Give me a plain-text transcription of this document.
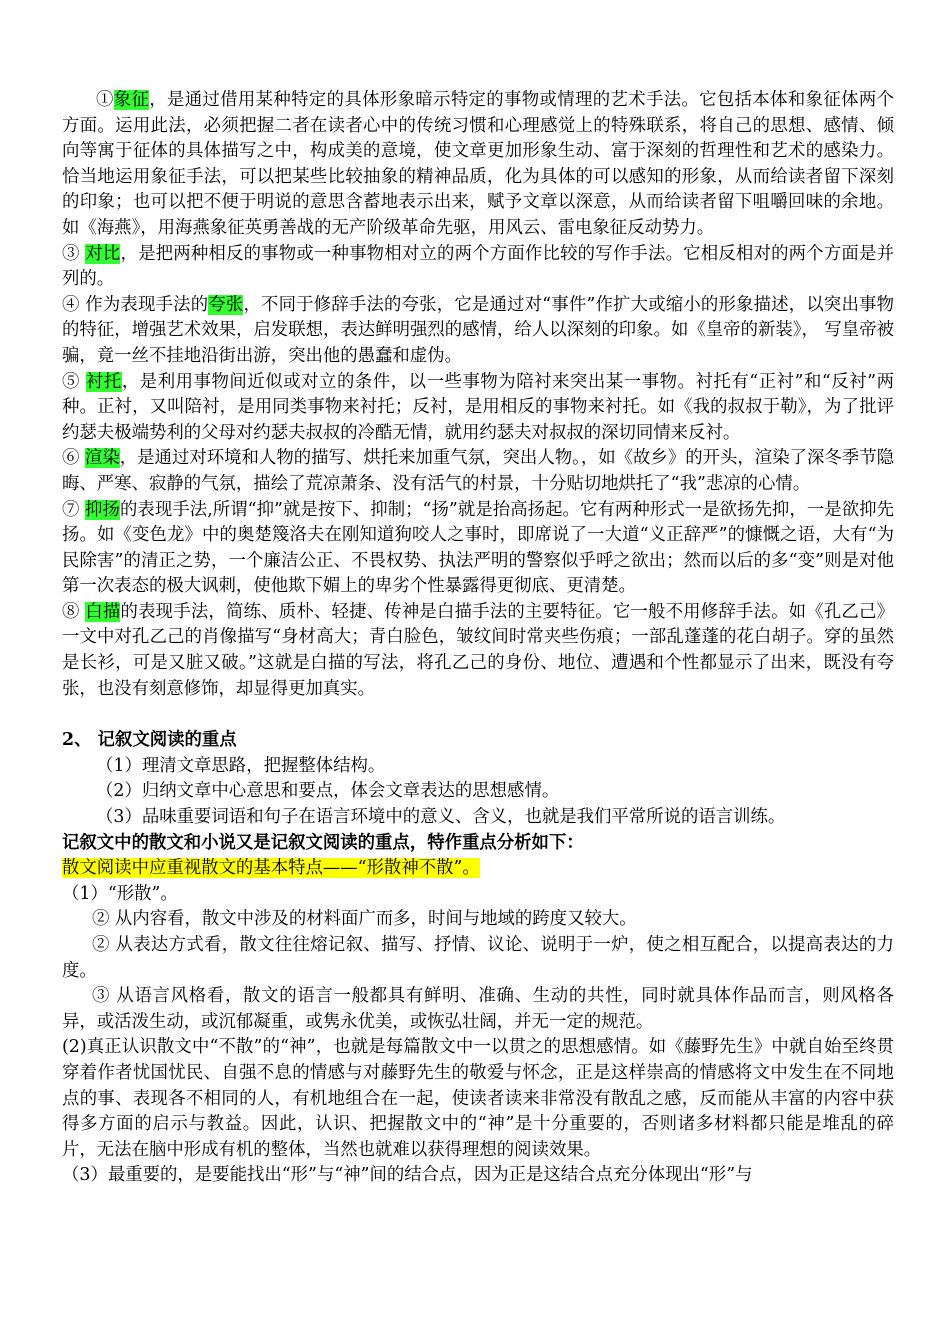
①象征，是通过借用某种特定的具体形象暗示特定的事物或情理的艺术手法。它包括本体和象征体两个方面。运用此法，必须把握二者在读者心中的传统习惯和心理感觉上的特殊联系，将自己的思想、感情、倾向等寓于征体的具体描写之中，构成美的意境，使文章更加形象生动、富于深刻的哲理性和艺术的感染力。恰当地运用象征手法，可以把某些比较抽象的精神品质，化为具体的可以感知的形象，从而给读者留下深刻的印象；也可以把不便于明说的意思含蓄地表示出来，赋予文章以深意，从而给读者留下咀嚼回味的余地。如《海燕》，用海燕象征英勇善战的无产阶级革命先驱，用风云、雷电象征反动势力。

③ 对比，是把两种相反的事物或一种事物相对立的两个方面作比较的写作手法。它相反相对的两个方面是并列的。

④ 作为表现手法的夸张，不同于修辞手法的夸张，它是通过对“事件”作扩大或缩小的形象描述，以突出事物的特征，增强艺术效果，启发联想，表达鲜明强烈的感情，给人以深刻的印象。如《皇帝的新装》， 写皇帝被骗，竟一丝不挂地沿街出游，突出他的愚蠢和虚伪。

⑤ 衬托，是利用事物间近似或对立的条件，以一些事物为陪衬来突出某一事物。衬托有“正衬”和“反衬”两种。正衬，又叫陪衬，是用同类事物来衬托；反衬，是用相反的事物来衬托。如《我的叔叔于勒》，为了批评约瑟夫极端势利的父母对约瑟夫叔叔的冷酷无情，就用约瑟夫对叔叔的深切同情来反衬。

⑥ 渲染，是通过对环境和人物的描写、烘托来加重气氛，突出人物。，如《故乡》的开头，渲染了深冬季节隐晦、严寒、寂静的气氛，描绘了荒凉萧条、没有活气的村景，十分贴切地烘托了“我”悲凉的心情。

⑦ 抑扬的表现手法,所谓“抑”就是按下、抑制；“扬”就是抬高扬起。它有两种形式一是欲扬先抑，一是欲抑先扬。如《变色龙》中的奥楚篾洛夫在刚知道狗咬人之事时，即席说了一大道“义正辞严”的慷慨之语，大有“为民除害”的清正之势，一个廉洁公正、不畏权势、执法严明的警察似乎呼之欲出；然而以后的多“变”则是对他第一次表态的极大讽刺，使他欺下媚上的卑劣个性暴露得更彻底、更清楚。

⑧ 白描的表现手法，简练、质朴、轻捷、传神是白描手法的主要特征。它一般不用修辞手法。如《孔乙己》一文中对孔乙己的肖像描写“身材高大；青白脸色，皱纹间时常夹些伤痕；一部乱蓬蓬的花白胡子。穿的虽然是长衫，可是又脏又破。”这就是白描的写法，将孔乙己的身份、地位、遭遇和个性都显示了出来，既没有夸张，也没有刻意修饰，却显得更加真实。

2、 记叙文阅读的重点

（1）理清文章思路，把握整体结构。

（2）归纳文章中心意思和要点，体会文章表达的思想感情。

（3）品味重要词语和句子在语言环境中的意义、含义，也就是我们平常所说的语言训练。

记叙文中的散文和小说又是记叙文阅读的重点，特作重点分析如下：

散文阅读中应重视散文的基本特点——“形散神不散”。

（1）“形散”。

② 从内容看，散文中涉及的材料面广而多，时间与地域的跨度又较大。

② 从表达方式看，散文往往熔记叙、描写、抒情、议论、说明于一炉，使之相互配合，以提高表达的力度。

③ 从语言风格看，散文的语言一般都具有鲜明、准确、生动的共性，同时就具体作品而言，则风格各异，或活泼生动，或沉郁凝重，或隽永优美，或恢弘壮阔，并无一定的规范。

(2)真正认识散文中“不散”的“神”，也就是每篇散文中一以贯之的思想感情。如《藤野先生》中就自始至终贯穿着作者忧国忧民、自强不息的情感与对藤野先生的敬爱与怀念，正是这样崇高的情感将文中发生在不同地点的事、表现各不相同的人，有机地组合在一起，使读者读来非常没有散乱之感，反而能从丰富的内容中获得多方面的启示与教益。因此，认识、把握散文中的“神”是十分重要的，否则诸多材料都只能是堆乱的碎片，无法在脑中形成有机的整体，当然也就难以获得理想的阅读效果。

（3）最重要的，是要能找出“形”与“神”间的结合点，因为正是这结合点充分体现出“形”与
